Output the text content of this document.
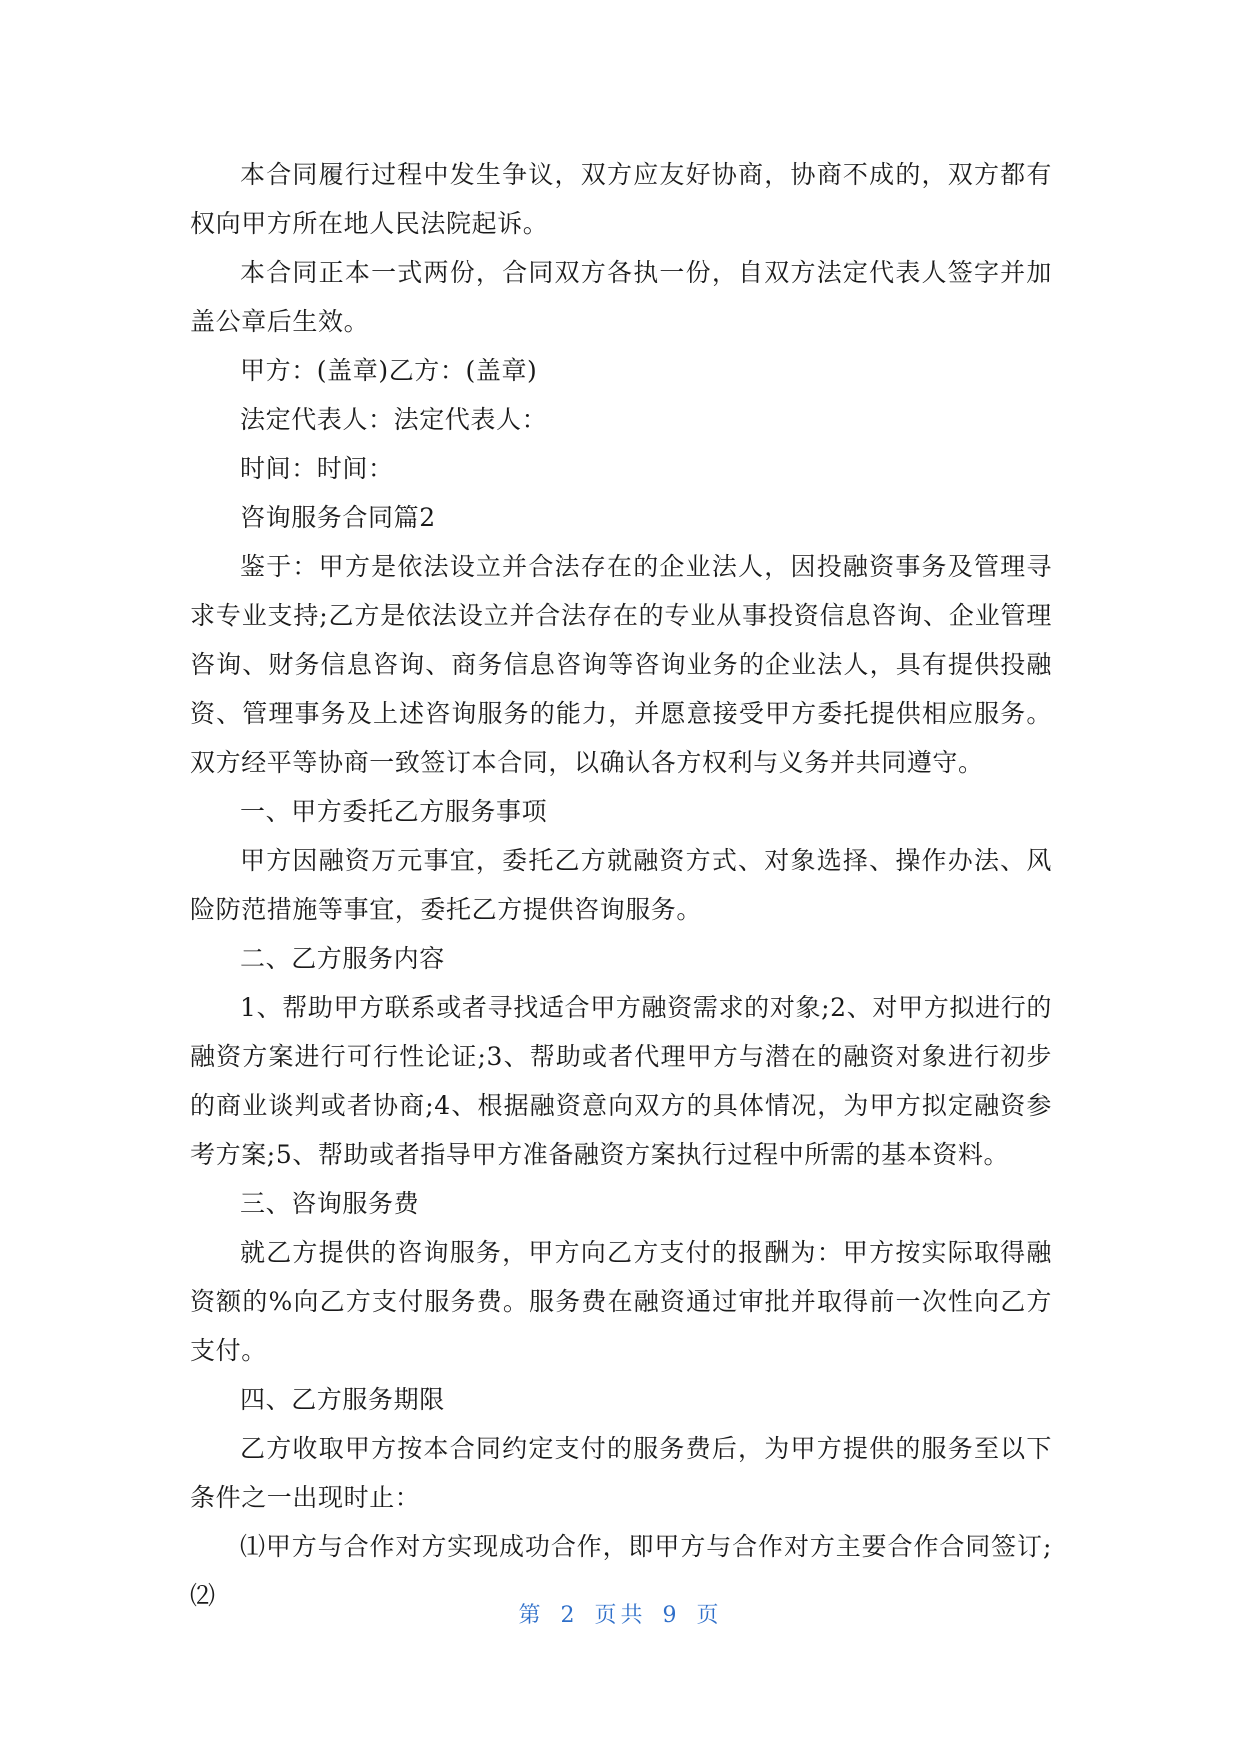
本合同履行过程中发生争议，双方应友好协商，协商不成的，双方都有权向甲方所在地人民法院起诉。

本合同正本一式两份，合同双方各执一份，自双方法定代表人签字并加盖公章后生效。

甲方：(盖章)乙方：(盖章)

法定代表人：法定代表人：

时间：时间：

咨询服务合同篇2

鉴于：甲方是依法设立并合法存在的企业法人，因投融资事务及管理寻求专业支持;乙方是依法设立并合法存在的专业从事投资信息咨询、企业管理咨询、财务信息咨询、商务信息咨询等咨询业务的企业法人，具有提供投融资、管理事务及上述咨询服务的能力，并愿意接受甲方委托提供相应服务。双方经平等协商一致签订本合同，以确认各方权利与义务并共同遵守。

一、甲方委托乙方服务事项

甲方因融资万元事宜，委托乙方就融资方式、对象选择、操作办法、风险防范措施等事宜，委托乙方提供咨询服务。

二、乙方服务内容

1、帮助甲方联系或者寻找适合甲方融资需求的对象;2、对甲方拟进行的融资方案进行可行性论证;3、帮助或者代理甲方与潜在的融资对象进行初步的商业谈判或者协商;4、根据融资意向双方的具体情况，为甲方拟定融资参考方案;5、帮助或者指导甲方准备融资方案执行过程中所需的基本资料。

三、咨询服务费

就乙方提供的咨询服务，甲方向乙方支付的报酬为：甲方按实际取得融资额的%向乙方支付服务费。服务费在融资通过审批并取得前一次性向乙方支付。

四、乙方服务期限

乙方收取甲方按本合同约定支付的服务费后，为甲方提供的服务至以下条件之一出现时止：

⑴甲方与合作对方实现成功合作，即甲方与合作对方主要合作合同签订;⑵

第 2 页共 9 页
